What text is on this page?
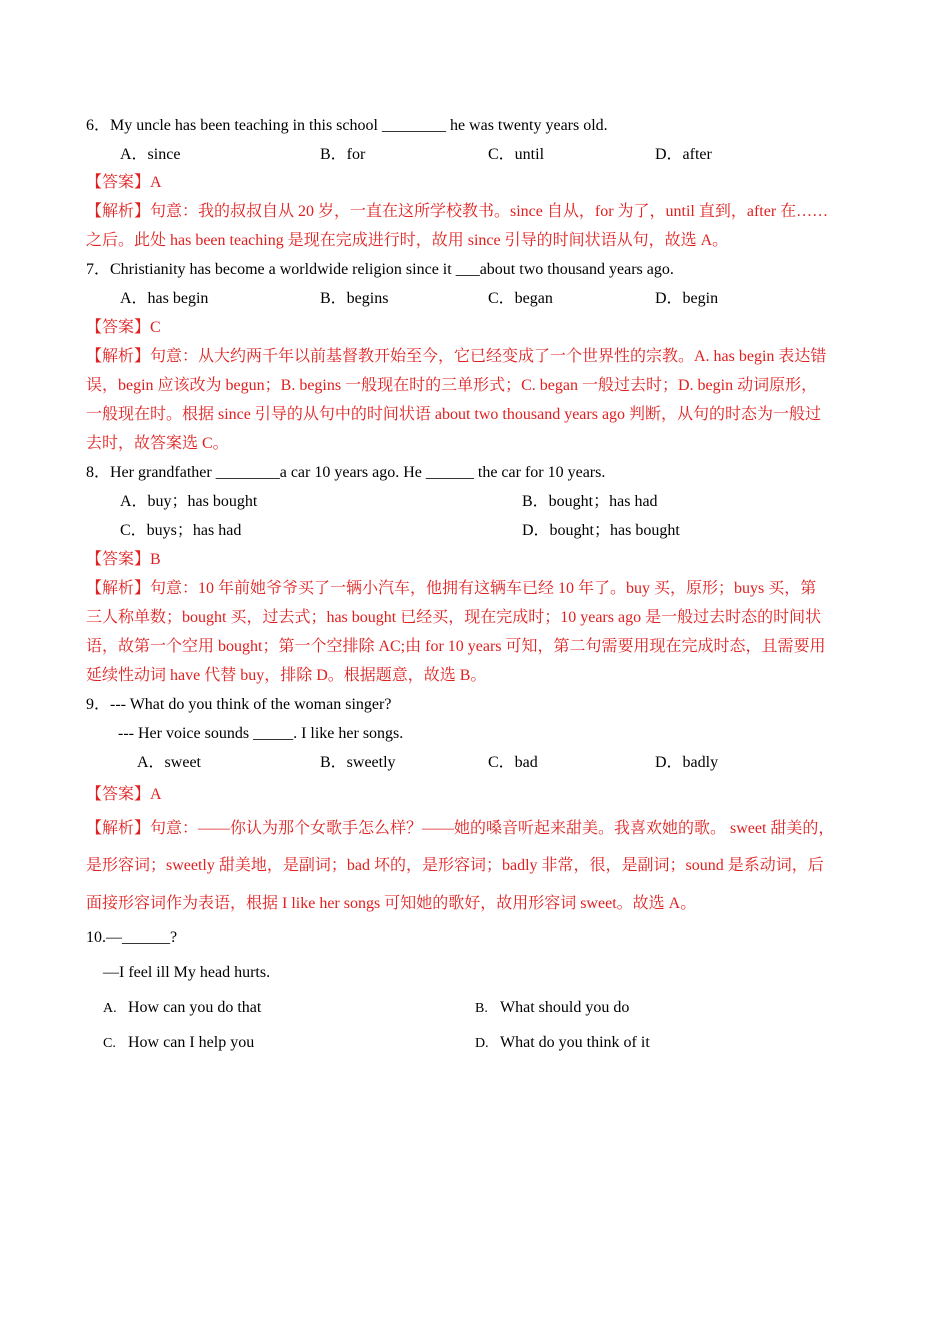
6．My uncle has been teaching in this school ________ he was twenty years old.
A．since	B．for	C．until	D．after
【答案】A
【解析】句意：我的叔叔自从 20 岁，一直在这所学校教书。since 自从，for 为了，until 直到，after 在……
之后。此处 has been teaching 是现在完成进行时，故用 since 引导的时间状语从句，故选 A。
7．Christianity has become a worldwide religion since it ___about two thousand years ago.
A．has begin	B．begins	C．began	D．begin
【答案】C
【解析】句意：从大约两千年以前基督教开始至今，它已经变成了一个世界性的宗教。A. has begin 表达错
误，begin 应该改为 begun；B. begins 一般现在时的三单形式；C. began 一般过去时；D. begin 动词原形，
一般现在时。根据 since 引导的从句中的时间状语 about two thousand years ago 判断，从句的时态为一般过
去时，故答案选 C。
8．Her grandfather ________a car 10 years ago. He ______ the car for 10 years.
A．buy；has bought	B．bought；has had
C．buys；has had	D．bought；has bought
【答案】B
【解析】句意：10 年前她爷爷买了一辆小汽车，他拥有这辆车已经 10 年了。buy 买，原形；buys 买，第
三人称单数；bought 买，过去式；has bought 已经买，现在完成时；10 years ago 是一般过去时态的时间状
语，故第一个空用 bought；第一个空排除 AC;由 for 10 years 可知，第二句需要用现在完成时态，且需要用
延续性动词 have 代替 buy，排除 D。根据题意，故选 B。
9．--- What do you think of the woman singer?
--- Her voice sounds _____. I like her songs.
A．sweet	B．sweetly	C．bad	D．badly
【答案】A
【解析】句意：——你认为那个女歌手怎么样？——她的嗓音听起来甜美。我喜欢她的歌。 sweet 甜美的，
是形容词；sweetly 甜美地，是副词；bad 坏的，是形容词；badly 非常，很，是副词；sound 是系动词，后
面接形容词作为表语，根据 I like her songs 可知她的歌好，故用形容词 sweet。故选 A。
10.—______?
—I feel ill My head hurts.
A. How can you do that	B. What should you do
C. How can I help you	D. What do you think of it
